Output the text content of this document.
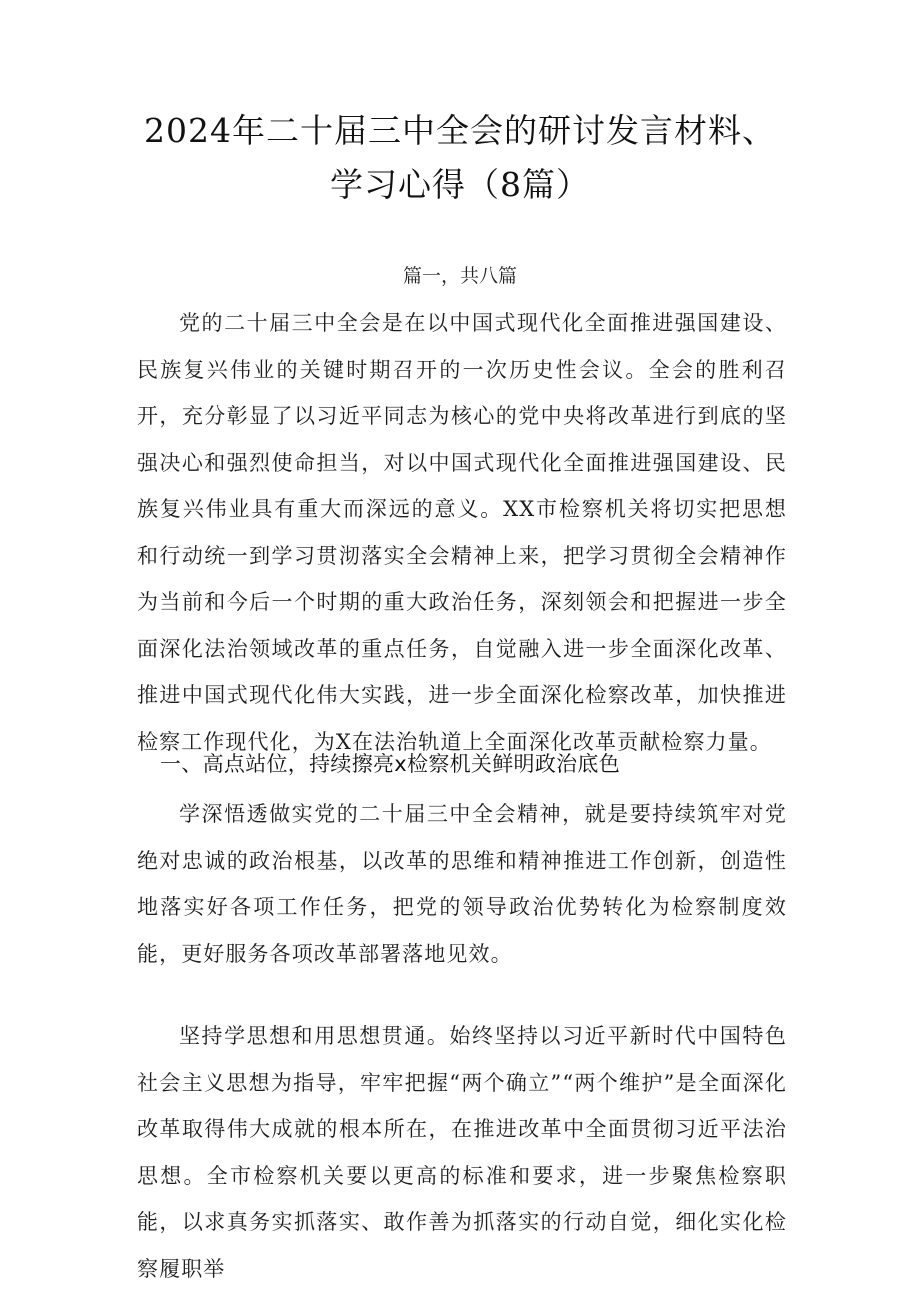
2024年二十届三中全会的研讨发言材料、学习心得（8篇）

篇一，共八篇

党的二十届三中全会是在以中国式现代化全面推进强国建设、民族复兴伟业的关键时期召开的一次历史性会议。全会的胜利召开，充分彰显了以习近平同志为核心的党中央将改革进行到底的坚强决心和强烈使命担当，对以中国式现代化全面推进强国建设、民族复兴伟业具有重大而深远的意义。XX市检察机关将切实把思想和行动统一到学习贯沏落实全会精神上来，把学习贯彻全会精神作为当前和今后一个时期的重大政治任务，深刻领会和把握进一步全面深化法治领域改革的重点任务，自觉融入进一步全面深化改革、推进中国式现代化伟大实践，进一步全面深化检察改革，加快推进检察工作现代化，为X在法治轨道上全面深化改革贡献检察力量。

一、高点站位，持续擦亮x检察机关鲜明政治底色

学深悟透做实党的二十届三中全会精神，就是要持续筑牢对党绝对忠诚的政治根基，以改革的思维和精神推进工作创新，创造性地落实好各项工作任务，把党的领导政治优势转化为检察制度效能，更好服务各项改革部署落地见效。

坚持学思想和用思想贯通。始终坚持以习近平新时代中国特色社会主义思想为指导，牢牢把握“两个确立”“两个维护”是全面深化改革取得伟大成就的根本所在，在推进改革中全面贯彻习近平法治思想。全市检察机关要以更高的标准和要求，进一步聚焦检察职能，以求真务实抓落实、敢作善为抓落实的行动自觉，细化实化检察履职举
